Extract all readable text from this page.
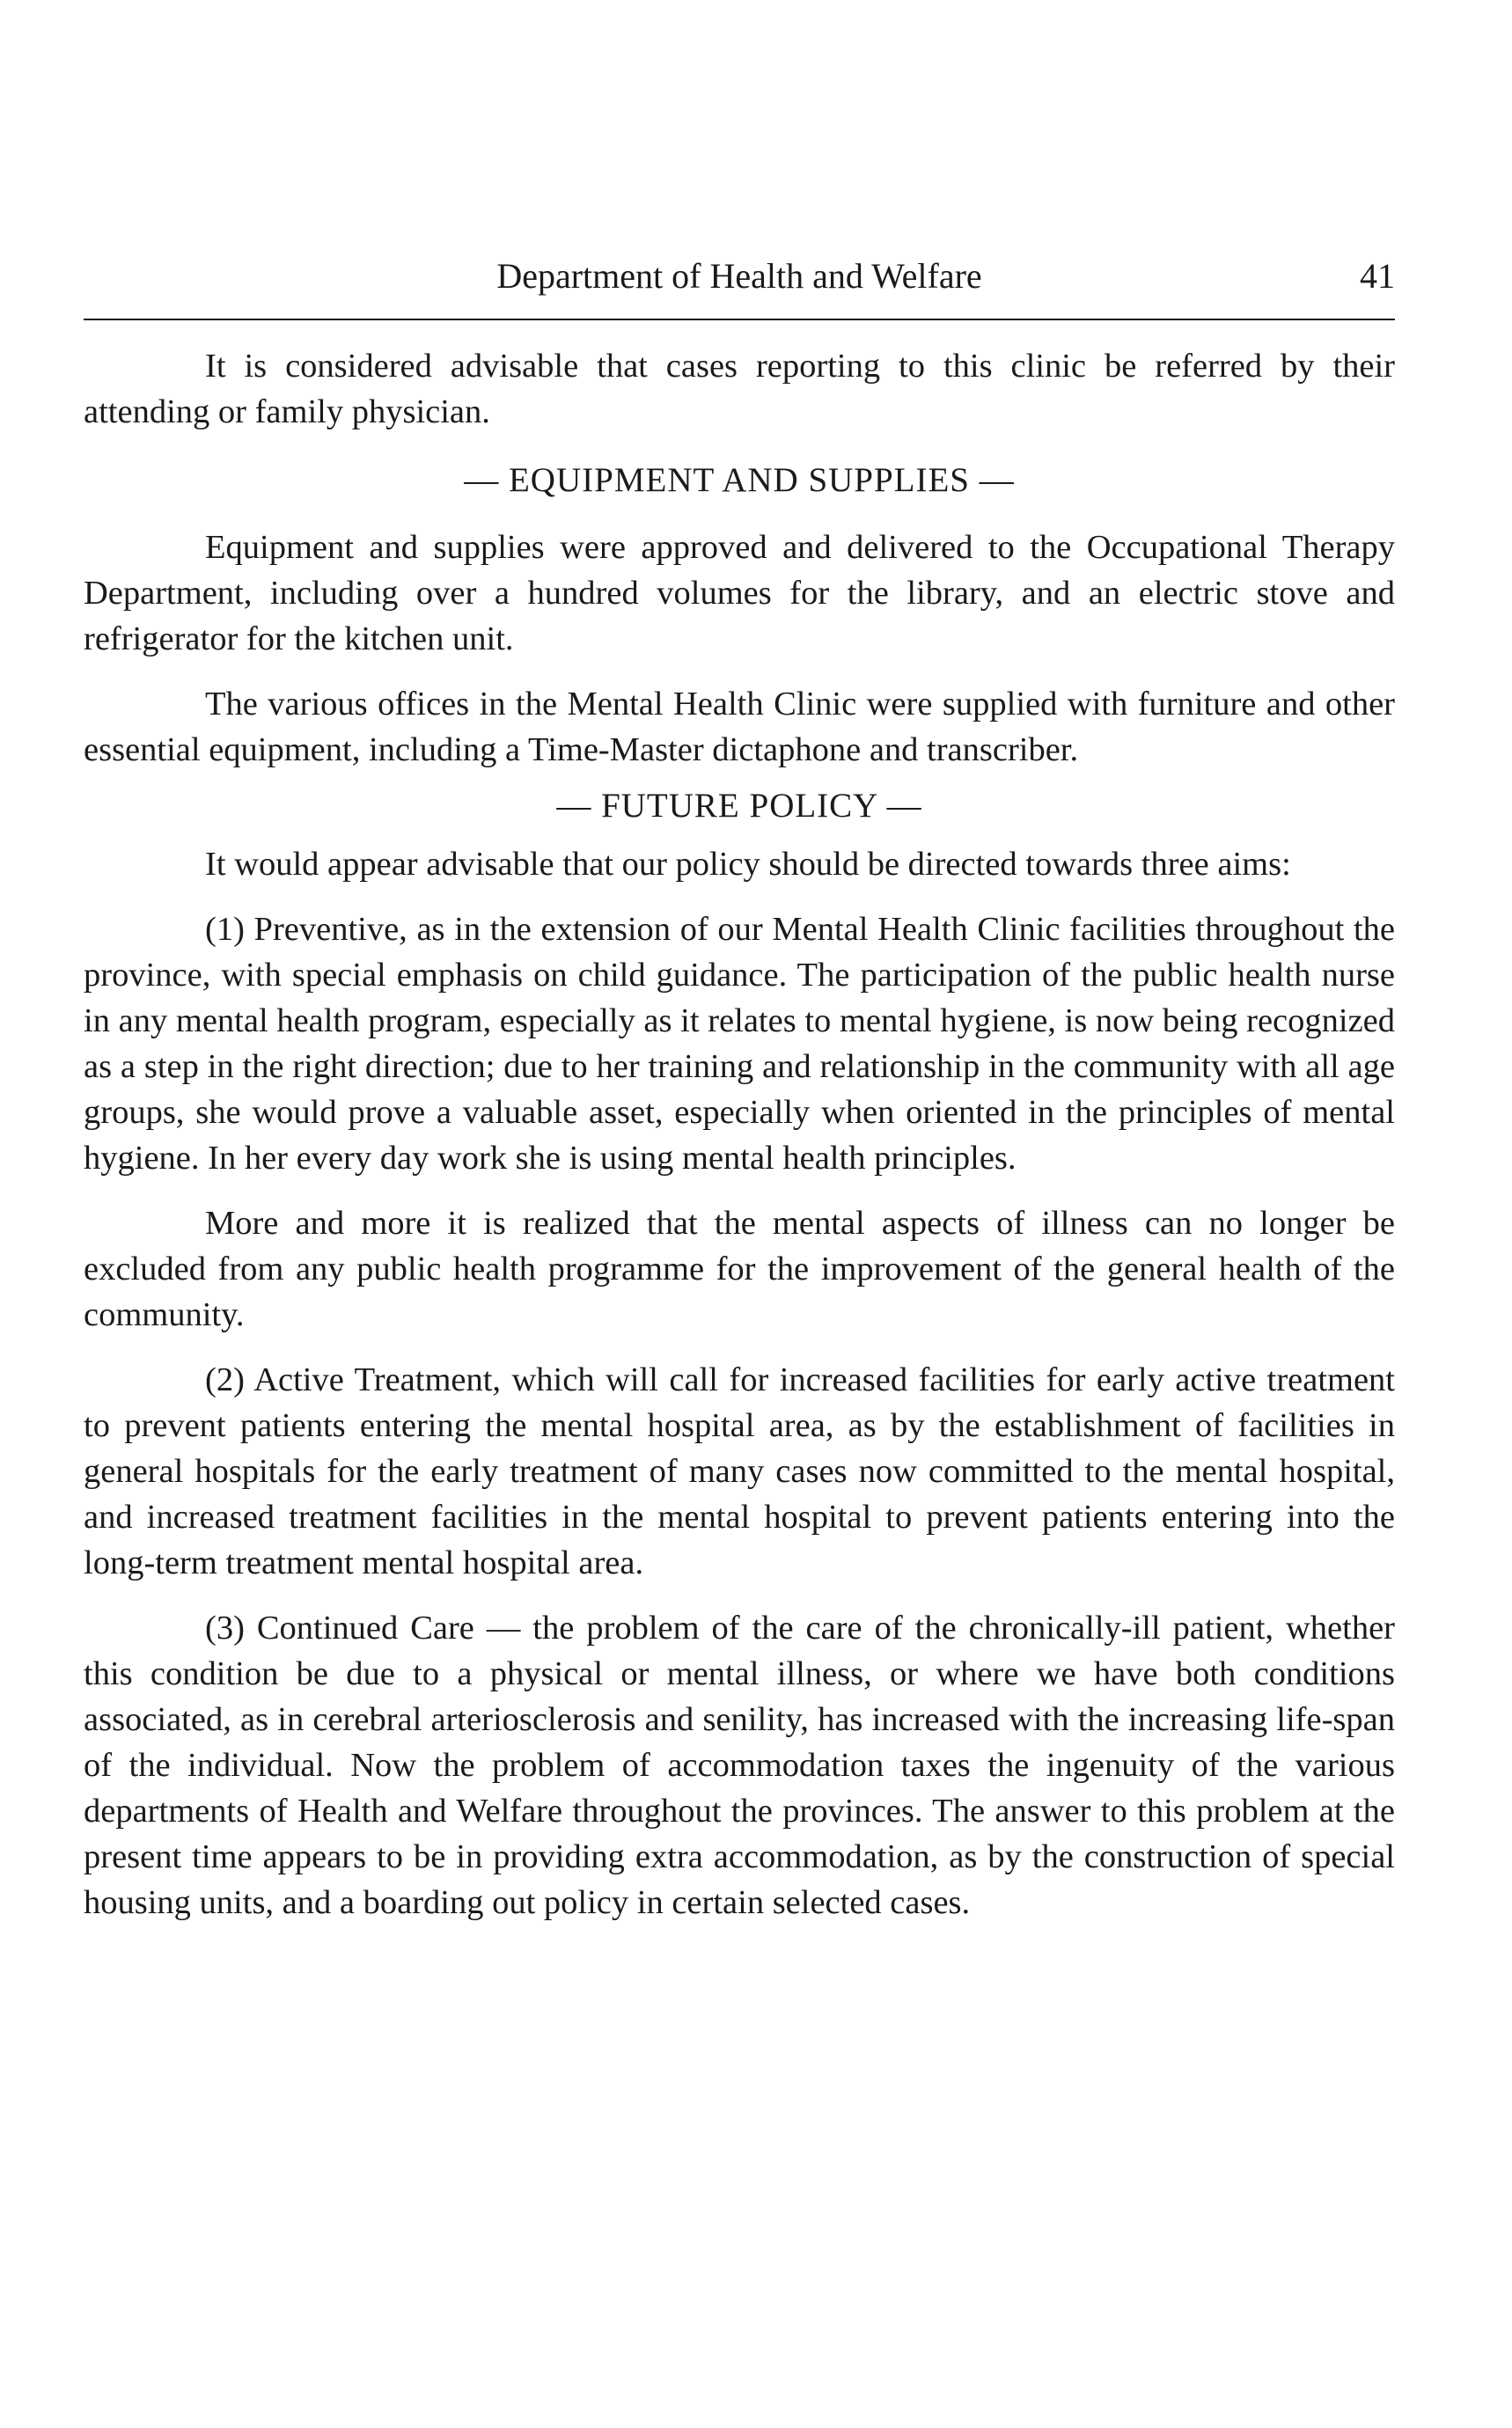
Department of Health and Welfare	41

It is considered advisable that cases reporting to this clinic be referred by their attending or family physician.

— EQUIPMENT AND SUPPLIES —

Equipment and supplies were approved and delivered to the Occupational Therapy Department, including over a hundred volumes for the library, and an electric stove and refrigerator for the kitchen unit.

The various offices in the Mental Health Clinic were supplied with furniture and other essential equipment, including a Time-Master dictaphone and transcriber.

— FUTURE POLICY —

It would appear advisable that our policy should be directed towards three aims:

(1) Preventive, as in the extension of our Mental Health Clinic facilities throughout the province, with special emphasis on child guidance. The participation of the public health nurse in any mental health program, especially as it relates to mental hygiene, is now being recognized as a step in the right direction; due to her training and relationship in the community with all age groups, she would prove a valuable asset, especially when oriented in the principles of mental hygiene. In her every day work she is using mental health principles.

More and more it is realized that the mental aspects of illness can no longer be excluded from any public health programme for the improvement of the general health of the community.

(2) Active Treatment, which will call for increased facilities for early active treatment to prevent patients entering the mental hospital area, as by the establishment of facilities in general hospitals for the early treatment of many cases now committed to the mental hospital, and increased treatment facilities in the mental hospital to prevent patients entering into the long-term treatment mental hospital area.

(3) Continued Care — the problem of the care of the chronically-ill patient, whether this condition be due to a physical or mental illness, or where we have both conditions associated, as in cerebral arteriosclerosis and senility, has increased with the increasing life-span of the individual. Now the problem of accommodation taxes the ingenuity of the various departments of Health and Welfare throughout the provinces. The answer to this problem at the present time appears to be in providing extra accommodation, as by the construction of special housing units, and a boarding out policy in certain selected cases.
